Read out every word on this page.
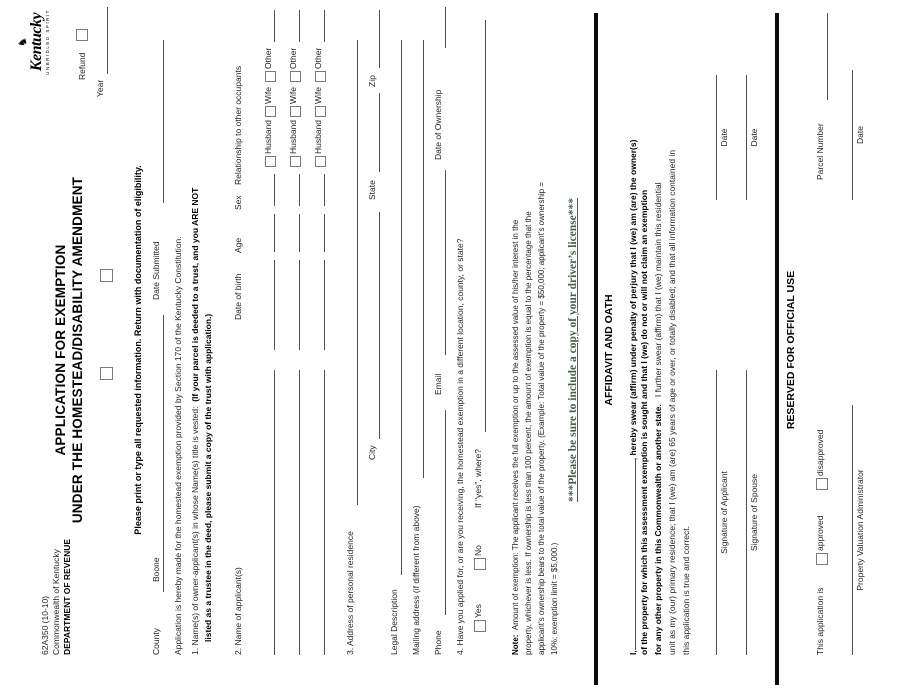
62A350 (10-10) Commonwealth of Kentucky DEPARTMENT OF REVENUE
♞
Kentucky UNBRIDLED SPIRIT	Refund
Year
APPLICATION FOR EXEMPTION UNDER THE HOMESTEAD/DISABILITY AMENDMENT	Please print or type all requested information. Return with documentation of eligibility.
County
Boone
Date Submitted Application is hereby made for the homestead exemption provided by Section 170 of the Kentucky Constitution. 1. Name(s) of owner-applicant(s) in whose Name(s) title is vested:  (If your parcel is deeded to a trust, and you ARE NOT
listed as a trustee in the deed, please submit a copy of the trust with application.) 2. Name of applicant(s)
Date of birth
Age
Sex
Relationship to other occupants Husband
Wife
Other
Husband
Wife
Other
Husband
Wife
Other
3. Address of personal residence
City
State
Zip
Legal Description Mailing address (if different from above) Phone
Email
Date of Ownership
4. Have you applied for, or are you receiving, the homestead exemption in a different location, county, or state? Yes
No
If "yes", where?
Note:  Amount of exemption: The applicant receives the full exemption or up to the assessed value of his/her interest in the property, whichever is less. If ownership is less than 100 percent, the amount of exemption is equal to the percentage that the applicant’s ownership bears to the total value of the property. (Example: Total value of the property = $50,000; applicant’s ownership = 10%; exemption limit = $5,000.)
***Please be sure to include a copy of your driver’s license*** AFFIDAVIT AND OATH
I,, hereby swear (affirm) under penalty of perjury that I (we) am (are) the owner(s) of the property for which this assessment exemption is sought and that I (we) do not or will not claim an exemption for any other property in this Commonwealth or another state.   I further swear (affirm) that I (we) maintain this residential unit as my (our) primary residence; that I (we) am (are) 65 years of age or over, or totally disabled; and that all information contained in this application is true and correct.
Signature of Applicant
Date
Signature of Spouse
Date
RESERVED FOR OFFICIAL USE
This application is
approved
disapproved
Parcel Number
Property Valuation Administrator
Date
